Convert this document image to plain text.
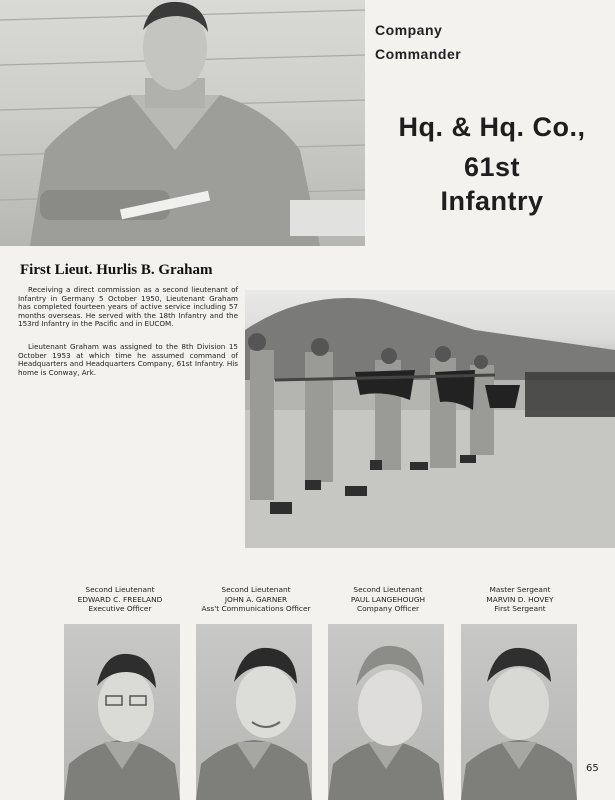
Company
Commander
Hq. & Hq. Co.,
61st
Infantry
First Lieut. Hurlis B. Graham

Receiving a direct commission as a second lieutenant of Infantry in Germany 5 October 1950, Lieutenant Graham has completed fourteen years of active service including 57 months overseas. He served with the 18th Infantry and the 153rd Infantry in the Pacific and in EUCOM.

Lieutenant Graham was assigned to the 8th Division 15 October 1953 at which time he assumed command of Headquarters and Headquarters Company, 61st Infantry. His home is Conway, Ark.

Second Lieutenant
EDWARD C. FREELAND
Executive Officer
Second Lieutenant
JOHN A. GARNER
Ass't Communications Officer
Second Lieutenant
PAUL LANGEHOUGH
Company Officer
Master Sergeant
MARVIN D. HOVEY
First Sergeant
65
